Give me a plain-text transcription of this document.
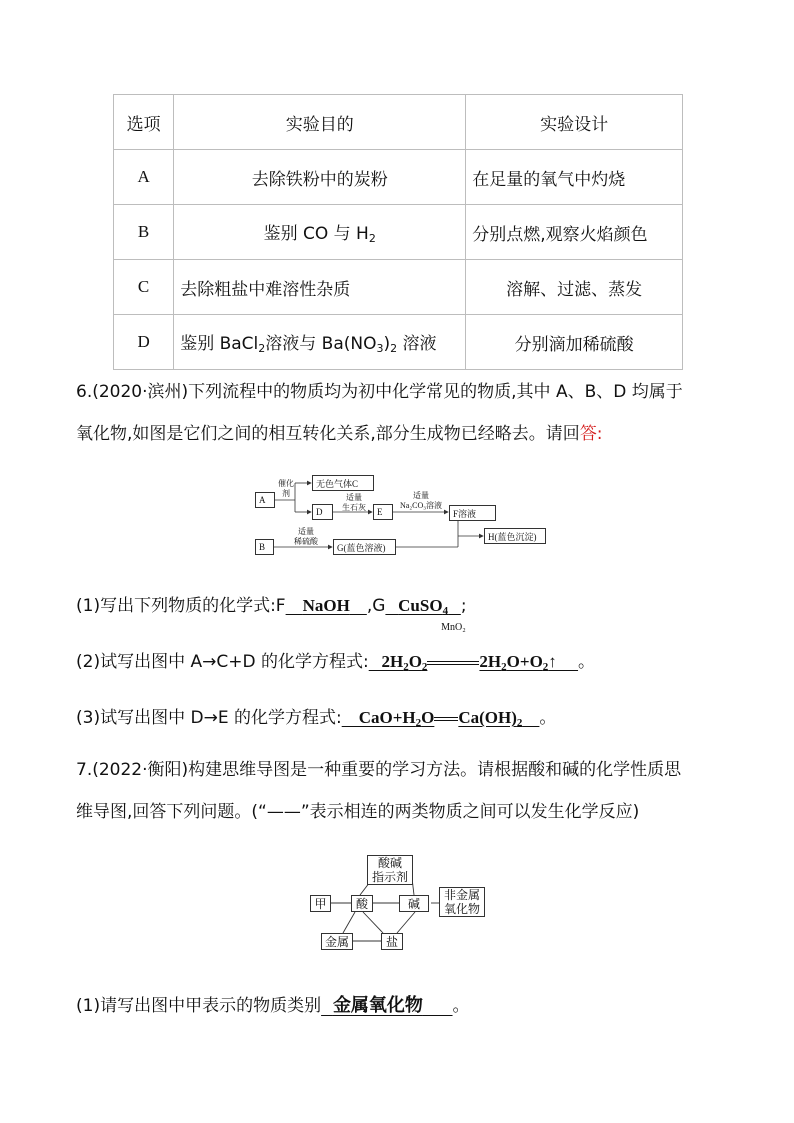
选项	实验目的	实验设计
A	去除铁粉中的炭粉	在足量的氧气中灼烧
B	鉴别 CO 与 $H_2$	分别点燃,观察火焰颜色
C	去除粗盐中难溶性杂质	溶解、过滤、蒸发
D	鉴别 BaCl$_2$溶液与 $Ba(NO_3)_2$ 溶液	分别滴加稀硫酸
6.(2020·滨州)下列流程中的物质均为初中化学常见的物质,其中 A、B、D 均属于
氧化物,如图是它们之间的相互转化关系,部分生成物已经略去。请回答:
A
无色气体C
D	E	F溶液
B	G(蓝色溶液)
H(蓝色沉淀)
催化
剂	适量
生石灰
适量
Na₂CO₃溶液
适量
稀硫酸
(1)写出下列物质的化学式:F NaOH ,G CuSO$_4$ ;
(2)试写出图中 A→C+D 的化学方程式:   $2H_2O_2$
MnO₂
$2H_2O+O_2↑$     。
(3)试写出图中 D→E 的化学方程式:    $CaO+H_2O$ $Ca(OH)_2$ 。
7.(2022·衡阳)构建思维导图是一种重要的学习方法。请根据酸和碱的化学性质思
维导图,回答下列问题。(“——”表示相连的两类物质之间可以发生化学反应)
酸碱
指示剂
甲	酸	碱
非金属
氧化物
金属	盐
(1)请写出图中甲表示的物质类别 金属氧化物 。
